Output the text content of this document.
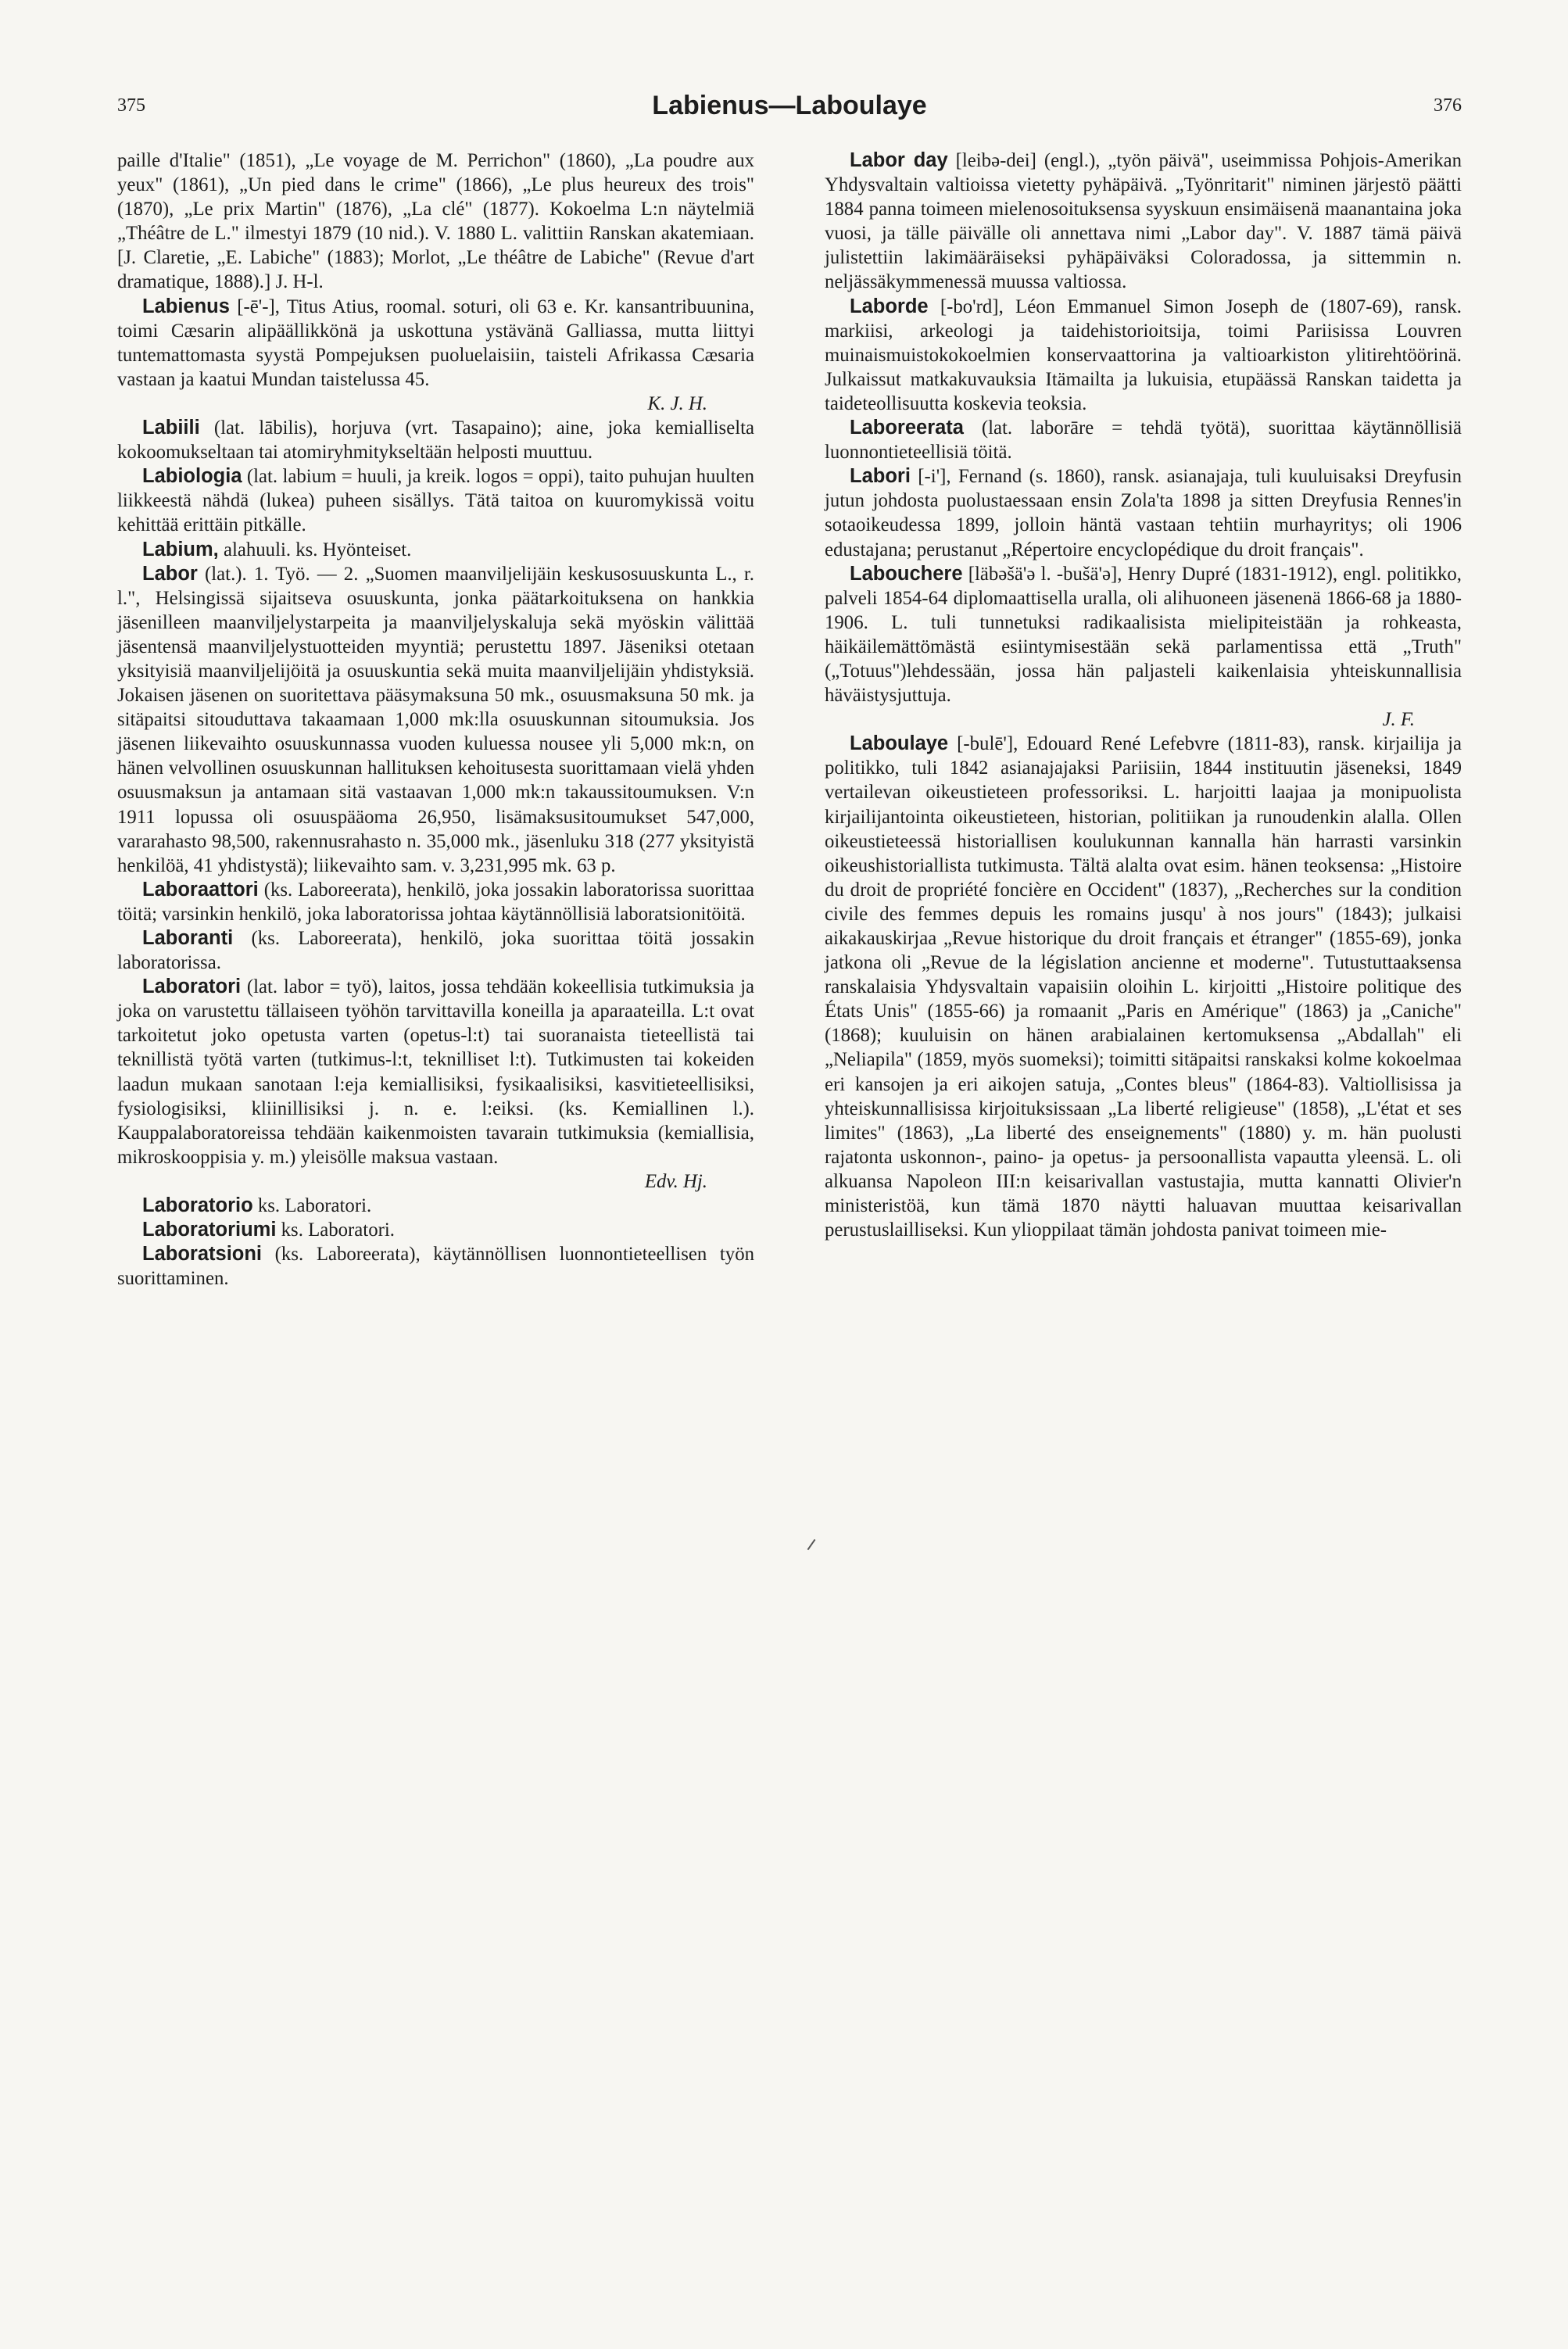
375	Labienus—Laboulaye	376

paille d'Italie" (1851), „Le voyage de M. Perrichon" (1860), „La poudre aux yeux" (1861), „Un pied dans le crime" (1866), „Le plus heureux des trois" (1870), „Le prix Martin" (1876), „La clé" (1877). Kokoelma L:n näytelmiä „Théâtre de L." ilmestyi 1879 (10 nid.). V. 1880 L. valittiin Ranskan akatemiaan. [J. Claretie, „E. Labiche" (1883); Morlot, „Le théâtre de Labiche" (Revue d'art dramatique, 1888).] J. H-l.

Labienus [-ē'-], Titus Atius, roomal. soturi, oli 63 e. Kr. kansantribuunina, toimi Cæsarin alipäällikkönä ja uskottuna ystävänä Galliassa, mutta liittyi tuntemattomasta syystä Pompejuksen puoluelaisiin, taisteli Afrikassa Cæsaria vastaan ja kaatui Mundan taistelussa 45.
K. J. H.

Labiili (lat. lābilis), horjuva (vrt. Tasapaino); aine, joka kemialliselta kokoomukseltaan tai atomiryhmitykseltään helposti muuttuu.

Labiologia (lat. labium = huuli, ja kreik. logos = oppi), taito puhujan huulten liikkeestä nähdä (lukea) puheen sisällys. Tätä taitoa on kuuromykissä voitu kehittää erittäin pitkälle.

Labium, alahuuli. ks. Hyönteiset.

Labor (lat.). 1. Työ. — 2. „Suomen maanviljelijäin keskusosuuskunta L., r. l.", Helsingissä sijaitseva osuuskunta, jonka päätarkoituksena on hankkia jäsenilleen maanviljelystarpeita ja maanviljelyskaluja sekä myöskin välittää jäsentensä maanviljelystuotteiden myyntiä; perustettu 1897. Jäseniksi otetaan yksityisiä maanviljelijöitä ja osuuskuntia sekä muita maanviljelijäin yhdistyksiä. Jokaisen jäsenen on suoritettava pääsymaksuna 50 mk., osuusmaksuna 50 mk. ja sitäpaitsi sitouduttava takaamaan 1,000 mk:lla osuuskunnan sitoumuksia. Jos jäsenen liikevaihto osuuskunnassa vuoden kuluessa nousee yli 5,000 mk:n, on hänen velvollinen osuuskunnan hallituksen kehoitusesta suorittamaan vielä yhden osuusmaksun ja antamaan sitä vastaavan 1,000 mk:n takaussitoumuksen. V:n 1911 lopussa oli osuuspääoma 26,950, lisämaksusitoumukset 547,000, vararahasto 98,500, rakennusrahasto n. 35,000 mk., jäsenluku 318 (277 yksityistä henkilöä, 41 yhdistystä); liikevaihto sam. v. 3,231,995 mk. 63 p.

Laboraattori (ks. Laboreerata), henkilö, joka jossakin laboratorissa suorittaa töitä; varsinkin henkilö, joka laboratorissa johtaa käytännöllisiä laboratsionitöitä.

Laboranti (ks. Laboreerata), henkilö, joka suorittaa töitä jossakin laboratorissa.

Laboratori (lat. labor = työ), laitos, jossa tehdään kokeellisia tutkimuksia ja joka on varustettu tällaiseen työhön tarvittavilla koneilla ja aparaateilla. L:t ovat tarkoitetut joko opetusta varten (opetus-l:t) tai suoranaista tieteellistä tai teknillistä työtä varten (tutkimus-l:t, teknilliset l:t). Tutkimusten tai kokeiden laadun mukaan sanotaan l:eja kemiallisiksi, fysikaalisiksi, kasvitieteellisiksi, fysiologisiksi, kliinillisiksi j. n. e. l:eiksi. (ks. Kemiallinen l.). Kauppalaboratoreissa tehdään kaikenmoisten tavarain tutkimuksia (kemiallisia, mikroskooppisia y. m.) yleisölle maksua vastaan.
Edv. Hj.

Laboratorio ks. Laboratori.

Laboratoriumi ks. Laboratori.

Laboratsioni (ks. Laboreerata), käytännöllisen luonnontieteellisen työn suorittaminen.

Labor day [leibə-dei] (engl.), „työn päivä", useimmissa Pohjois-Amerikan Yhdysvaltain valtioissa vietetty pyhäpäivä. „Työnritarit" niminen järjestö päätti 1884 panna toimeen mielenosoituksensa syyskuun ensimäisenä maanantaina joka vuosi, ja tälle päivälle oli annettava nimi „Labor day". V. 1887 tämä päivä julistettiin lakimääräiseksi pyhäpäiväksi Coloradossa, ja sittemmin n. neljässäkymmenessä muussa valtiossa.

Laborde [-bo'rd], Léon Emmanuel Simon Joseph de (1807-69), ransk. markiisi, arkeologi ja taidehistorioitsija, toimi Pariisissa Louvren muinaismuistokokoelmien konservaattorina ja valtioarkiston ylitirehtöörinä. Julkaissut matkakuvauksia Itämailta ja lukuisia, etupäässä Ranskan taidetta ja taideteollisuutta koskevia teoksia.

Laboreerata (lat. laborāre = tehdä työtä), suorittaa käytännöllisiä luonnontieteellisiä töitä.

Labori [-i'], Fernand (s. 1860), ransk. asianajaja, tuli kuuluisaksi Dreyfusin jutun johdosta puolustaessaan ensin Zola'ta 1898 ja sitten Dreyfusia Rennes'in sotaoikeudessa 1899, jolloin häntä vastaan tehtiin murhayritys; oli 1906 edustajana; perustanut „Répertoire encyclopédique du droit français".

Labouchere [läbəšä'ə l. -bušä'ə], Henry Dupré (1831-1912), engl. politikko, palveli 1854-64 diplomaattisella uralla, oli alihuoneen jäsenenä 1866-68 ja 1880-1906. L. tuli tunnetuksi radikaalisista mielipiteistään ja rohkeasta, häikäilemättömästä esiintymisestään sekä parlamentissa että „Truth" („Totuus")lehdessään, jossa hän paljasteli kaikenlaisia yhteiskunnallisia häväistysjuttuja.
J. F.

Laboulaye [-bulē'], Edouard René Lefebvre (1811-83), ransk. kirjailija ja politikko, tuli 1842 asianajajaksi Pariisiin, 1844 instituutin jäseneksi, 1849 vertailevan oikeustieteen professoriksi. L. harjoitti laajaa ja monipuolista kirjailijantointa oikeustieteen, historian, politiikan ja runoudenkin alalla. Ollen oikeustieteessä historiallisen koulukunnan kannalla hän harrasti varsinkin oikeushistoriallista tutkimusta. Tältä alalta ovat esim. hänen teoksensa: „Histoire du droit de propriété foncière en Occident" (1837), „Recherches sur la condition civile des femmes depuis les romains jusqu' à nos jours" (1843); julkaisi aikakauskirjaa „Revue historique du droit français et étranger" (1855-69), jonka jatkona oli „Revue de la législation ancienne et moderne". Tutustuttaaksensa ranskalaisia Yhdysvaltain vapaisiin oloihin L. kirjoitti „Histoire politique des États Unis" (1855-66) ja romaanit „Paris en Amérique" (1863) ja „Caniche" (1868); kuuluisin on hänen arabialainen kertomuksensa „Abdallah" eli „Neliapila" (1859, myös suomeksi); toimitti sitäpaitsi ranskaksi kolme kokoelmaa eri kansojen ja eri aikojen satuja, „Contes bleus" (1864-83). Valtiollisissa ja yhteiskunnallisissa kirjoituksissaan „La liberté religieuse" (1858), „L'état et ses limites" (1863), „La liberté des enseignements" (1880) y. m. hän puolusti rajatonta uskonnon-, paino- ja opetus- ja persoonallista vapautta yleensä. L. oli alkuansa Napoleon III:n keisarivallan vastustajia, mutta kannatti Olivier'n ministeristöä, kun tämä 1870 näytti haluavan muuttaa keisarivallan perustuslailliseksi. Kun ylioppilaat tämän johdosta panivat toimeen mie-
